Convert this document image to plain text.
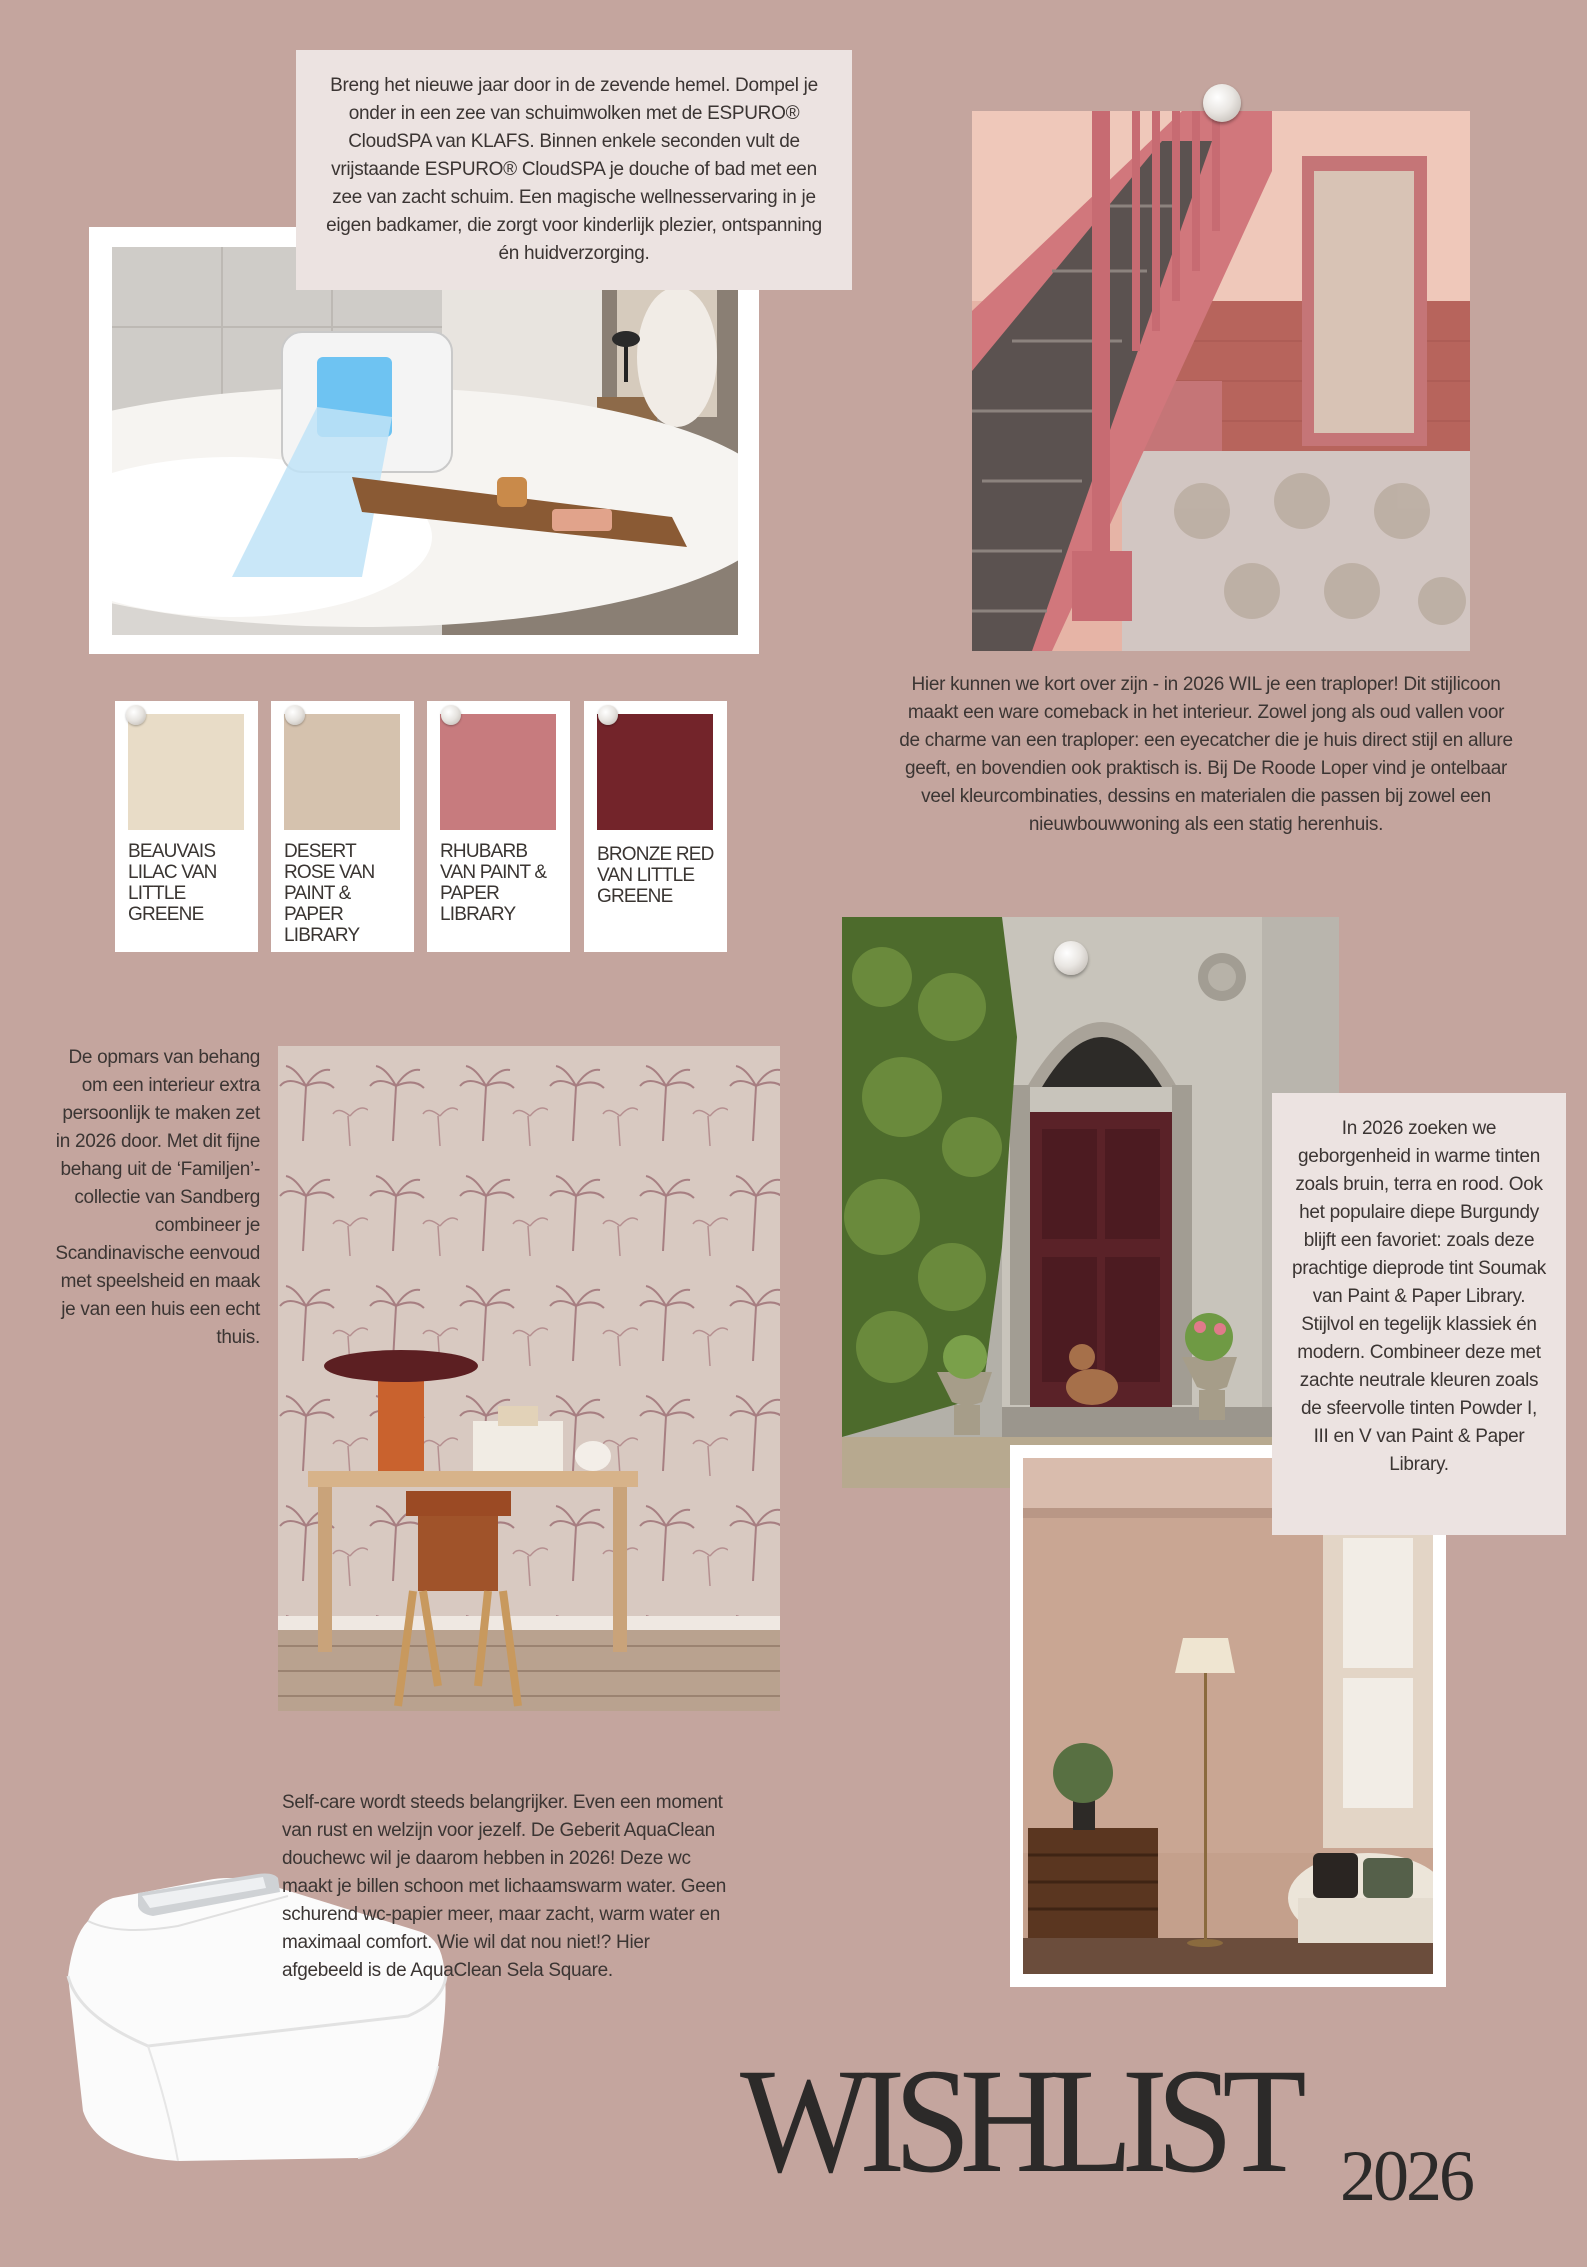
Breng het nieuwe jaar door in de zevende hemel. Dompel je onder in een zee van schuimwolken met de ESPURO® CloudSPA van KLAFS. Binnen enkele seconden vult de vrijstaande ESPURO® CloudSPA je douche of bad met een zee van zacht schuim. Een magische wellnesservaring in je eigen badkamer, die zorgt voor kinderlijk plezier, ontspanning én huidverzorging.
Hier kunnen we kort over zijn - in 2026 WIL je een traploper! Dit stijlicoon maakt een ware comeback in het interieur. Zowel jong als oud vallen voor de charme van een traploper: een eyecatcher die je huis direct stijl en allure geeft, en bovendien ook praktisch is. Bij De Roode Loper vind je ontelbaar veel kleurcombinaties, dessins en materialen die passen bij zowel een nieuwbouwwoning als een statig herenhuis.
BEAUVAIS LILAC VAN LITTLE GREENE
DESERT ROSE VAN PAINT & PAPER LIBRARY
RHUBARB VAN PAINT & PAPER LIBRARY
BRONZE RED VAN LITTLE GREENE
De opmars van behang om een interieur extra persoonlijk te maken zet in 2026 door. Met dit fijne behang uit de ‘Familjen’-collectie van Sandberg combineer je Scandinavische eenvoud met speelsheid en maak je van een huis een echt thuis.
In 2026 zoeken we geborgenheid in warme tinten zoals bruin, terra en rood. Ook het populaire diepe Burgundy blijft een favoriet: zoals deze prachtige dieprode tint Soumak van Paint & Paper Library. Stijlvol en tegelijk klassiek én modern. Combineer deze met zachte neutrale kleuren zoals de sfeervolle tinten Powder I, III en V van Paint & Paper Library.
Self-care wordt steeds belangrijker. Even een moment van rust en welzijn voor jezelf. De Geberit AquaClean douchewc wil je daarom hebben in 2026! Deze wc maakt je billen schoon met lichaamswarm water. Geen schurend wc-papier meer, maar zacht, warm water en maximaal comfort. Wie wil dat nou niet!? Hier afgebeeld is de AquaClean Sela Square.
WISHLIST 2026
